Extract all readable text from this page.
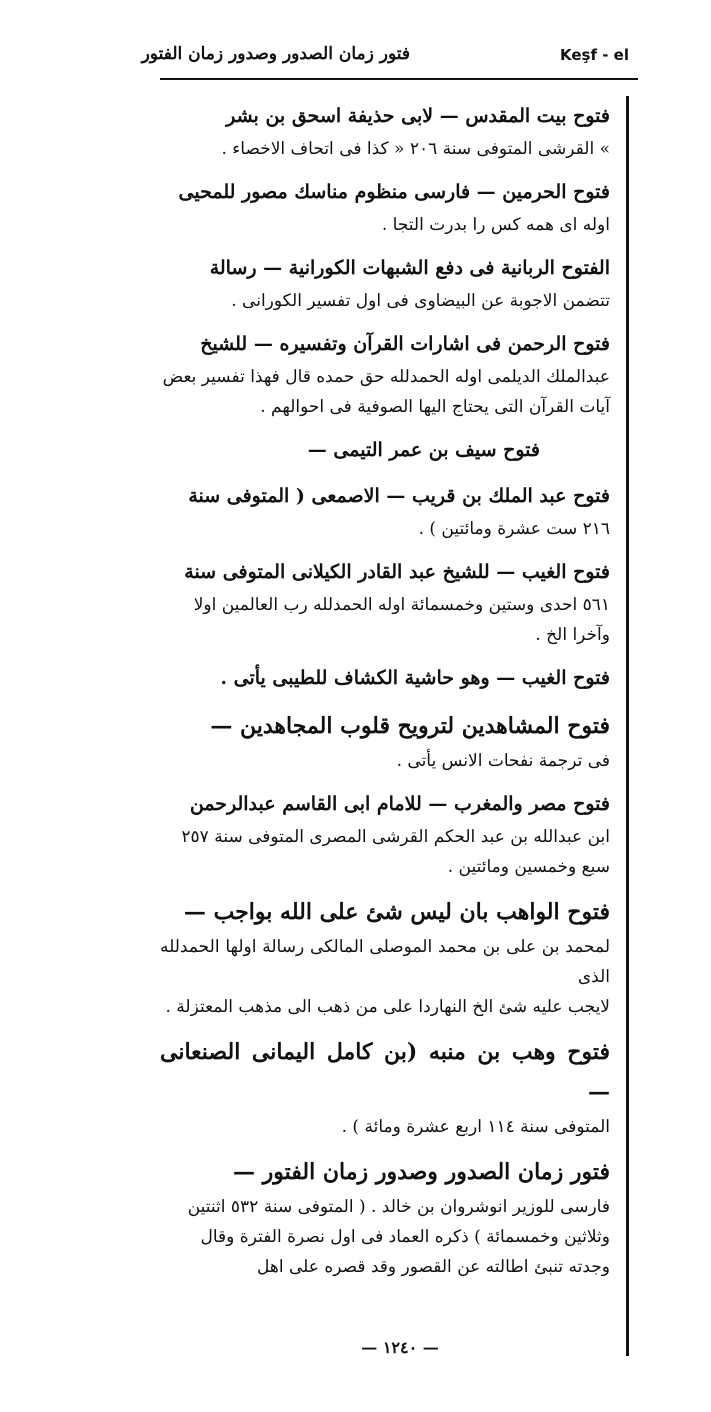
فتور زمان الصدور وصدور زمان الفتور	Keşf - el
فتوح بيت المقدس — لابى حذيفة اسحق بن بشر
» القرشى المتوفى سنة ٢٠٦ « كذا فى اتحاف الاخصاء .
فتوح الحرمين — فارسى منظوم مناسك مصور للمحيى
اوله اى همه كس را بدرت التجا .
الفتوح الربانية فى دفع الشبهات الكورانية — رسالة
تتضمن الاجوبة عن البيضاوى فى اول تفسير الكورانى .
فتوح الرحمن فى اشارات القرآن وتفسيره — للشيخ
عبدالملك الديلمى اوله الحمدلله حق حمده قال فهذا تفسير بعض
آيات القرآن التى يحتاج اليها الصوفية فى احوالهم .
فتوح سيف بن عمر التيمى —
فتوح عبد الملك بن قريب — الاصمعى ( المتوفى سنة
٢١٦ ست عشرة ومائتين ) .
فتوح الغيب — للشيخ عبد القادر الكيلانى المتوفى سنة
٥٦١ احدى وستين وخمسمائة اوله الحمدلله رب العالمين اولا
وآخرا الخ .
فتوح الغيب — وهو حاشية الكشاف للطيبى يأتى .
فتوح المشاهدين لترويح قلوب المجاهدين —
فى ترجمة نفحات الانس يأتى .
فتوح مصر والمغرب — للامام ابى القاسم عبدالرحمن
ابن عبدالله بن عبد الحكم القرشى المصرى المتوفى سنة ٢٥٧
سبع وخمسين ومائتين .
فتوح الواهب بان ليس شئ على الله بواجب —
لمحمد بن على بن محمد الموصلى المالكى رسالة اولها الحمدلله الذى
لايجب عليه شئ الخ النهاردا على من ذهب الى مذهب المعتزلة .
فتوح وهب بن منبه (بن كامل اليمانى الصنعانى —
المتوفى سنة ١١٤ اربع عشرة ومائة ) .
فتور زمان الصدور وصدور زمان الفتور —
فارسى للوزير انوشروان بن خالد . ( المتوفى سنة ٥٣٢ اثنتين
وثلاثين وخمسمائة ) ذكره العماد فى اول نصرة الفترة وقال
وجدته تنبئ اطالته عن القصور وقد قصره على اهل
— ١٢٤٠ —
